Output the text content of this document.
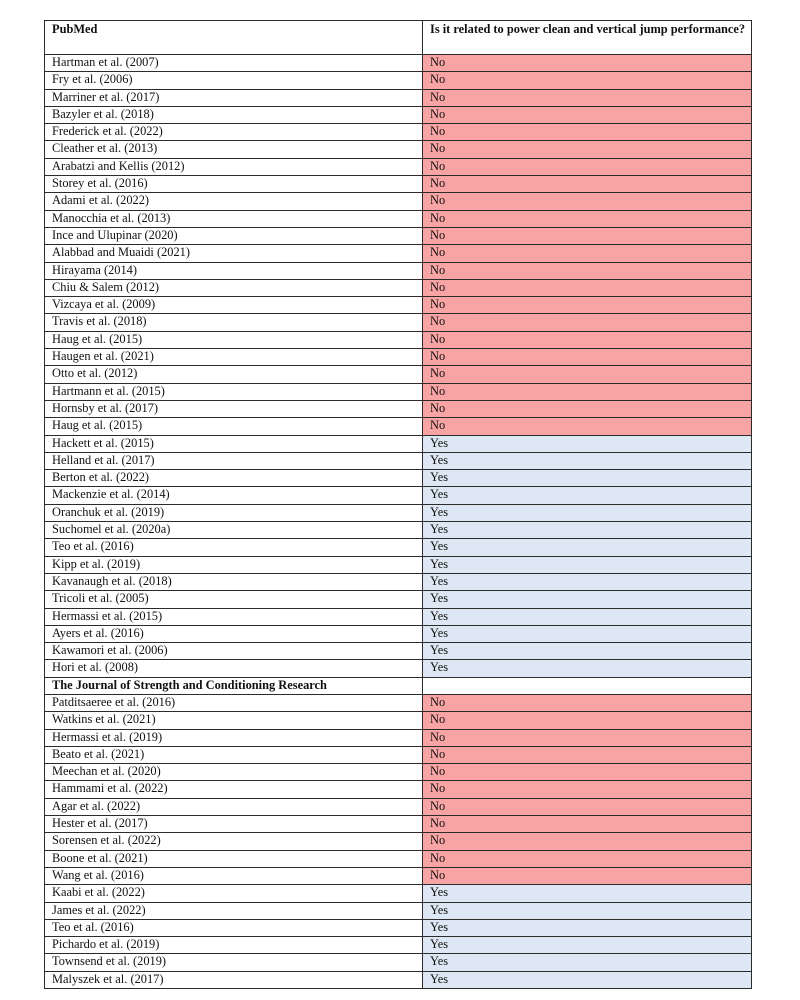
PubMed	Is it related to power clean and vertical jump performance?
Hartman et al. (2007)	No
Fry et al. (2006)	No
Marriner et al. (2017)	No
Bazyler et al. (2018)	No
Frederick et al. (2022)	No
Cleather et al. (2013)	No
Arabatzi and Kellis (2012)	No
Storey et al. (2016)	No
Adami et al. (2022)	No
Manocchia et al. (2013)	No
Ince and Ulupinar (2020)	No
Alabbad and Muaidi (2021)	No
Hirayama (2014)	No
Chiu & Salem (2012)	No
Vizcaya et al. (2009)	No
Travis et al. (2018)	No
Haug et al. (2015)	No
Haugen et al. (2021)	No
Otto et al. (2012)	No
Hartmann et al. (2015)	No
Hornsby et al. (2017)	No
Haug et al. (2015)	No
Hackett et al. (2015)	Yes
Helland et al. (2017)	Yes
Berton et al. (2022)	Yes
Mackenzie et al. (2014)	Yes
Oranchuk et al. (2019)	Yes
Suchomel et al. (2020a)	Yes
Teo et al. (2016)	Yes
Kipp et al. (2019)	Yes
Kavanaugh et al. (2018)	Yes
Tricoli et al. (2005)	Yes
Hermassi et al. (2015)	Yes
Ayers et al. (2016)	Yes
Kawamori et al. (2006)	Yes
Hori et al. (2008)	Yes
The Journal of Strength and Conditioning Research	
Patditsaeree et al. (2016)	No
Watkins et al. (2021)	No
Hermassi et al. (2019)	No
Beato et al. (2021)	No
Meechan et al. (2020)	No
Hammami et al. (2022)	No
Agar et al. (2022)	No
Hester et al. (2017)	No
Sorensen et al. (2022)	No
Boone et al. (2021)	No
Wang et al. (2016)	No
Kaabi et al. (2022)	Yes
James et al. (2022)	Yes
Teo et al. (2016)	Yes
Pichardo et al. (2019)	Yes
Townsend et al. (2019)	Yes
Malyszek et al. (2017)	Yes
